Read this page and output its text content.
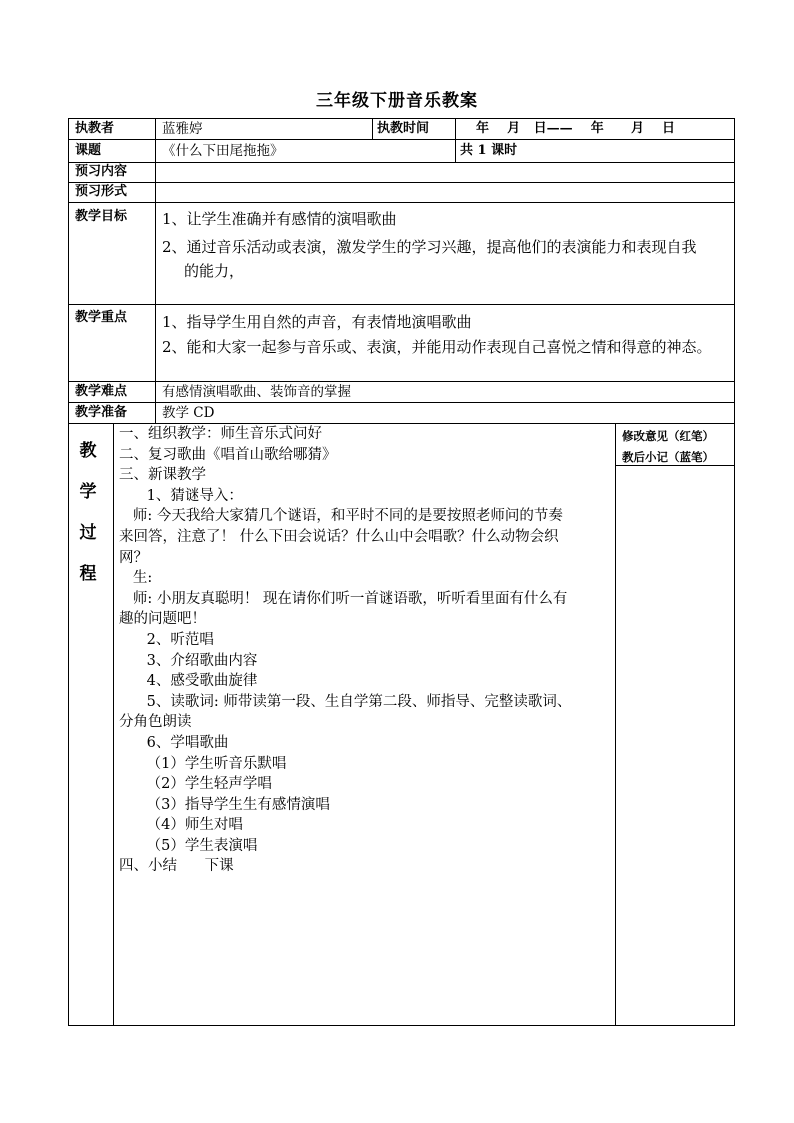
三年级下册音乐教案
执教者	蓝雅婷	执教时间	年    月   日——    年      月    日
课题	《什么下田尾拖拖》	共 1 课时
预习内容
预习形式
教学目标 1、让学生准确并有感情的演唱歌曲
2、通过音乐活动或表演，激发学生的学习兴趣，提高他们的表演能力和表现自我
的能力，
教学重点 1、指导学生用自然的声音，有表情地演唱歌曲
2、能和大家一起参与音乐或、表演，并能用动作表现自己喜悦之情和得意的神态。
教学难点	有感情演唱歌曲、装饰音的掌握
教学准备	教学 CD
教
学
过
程
一、组织教学：师生音乐式问好
二、复习歌曲《唱首山歌给哪猜》
三、新课教学
1、猜谜导入：
师: 今天我给大家猜几个谜语，和平时不同的是要按照老师问的节奏
来回答，注意了！ 什么下田会说话？什么山中会唱歌？什么动物会织
网？
生:
师: 小朋友真聪明！ 现在请你们听一首谜语歌，听听看里面有什么有
趣的问题吧！
2、听范唱
3、介绍歌曲内容
4、感受歌曲旋律
5、读歌词: 师带读第一段、生自学第二段、师指导、完整读歌词、
分角色朗读
6、学唱歌曲
（1）学生听音乐默唱
（2）学生轻声学唱
（3）指导学生生有感情演唱
（4）师生对唱
（5）学生表演唱
四、小结      下课
修改意见（红笔）
教后小记（蓝笔）
